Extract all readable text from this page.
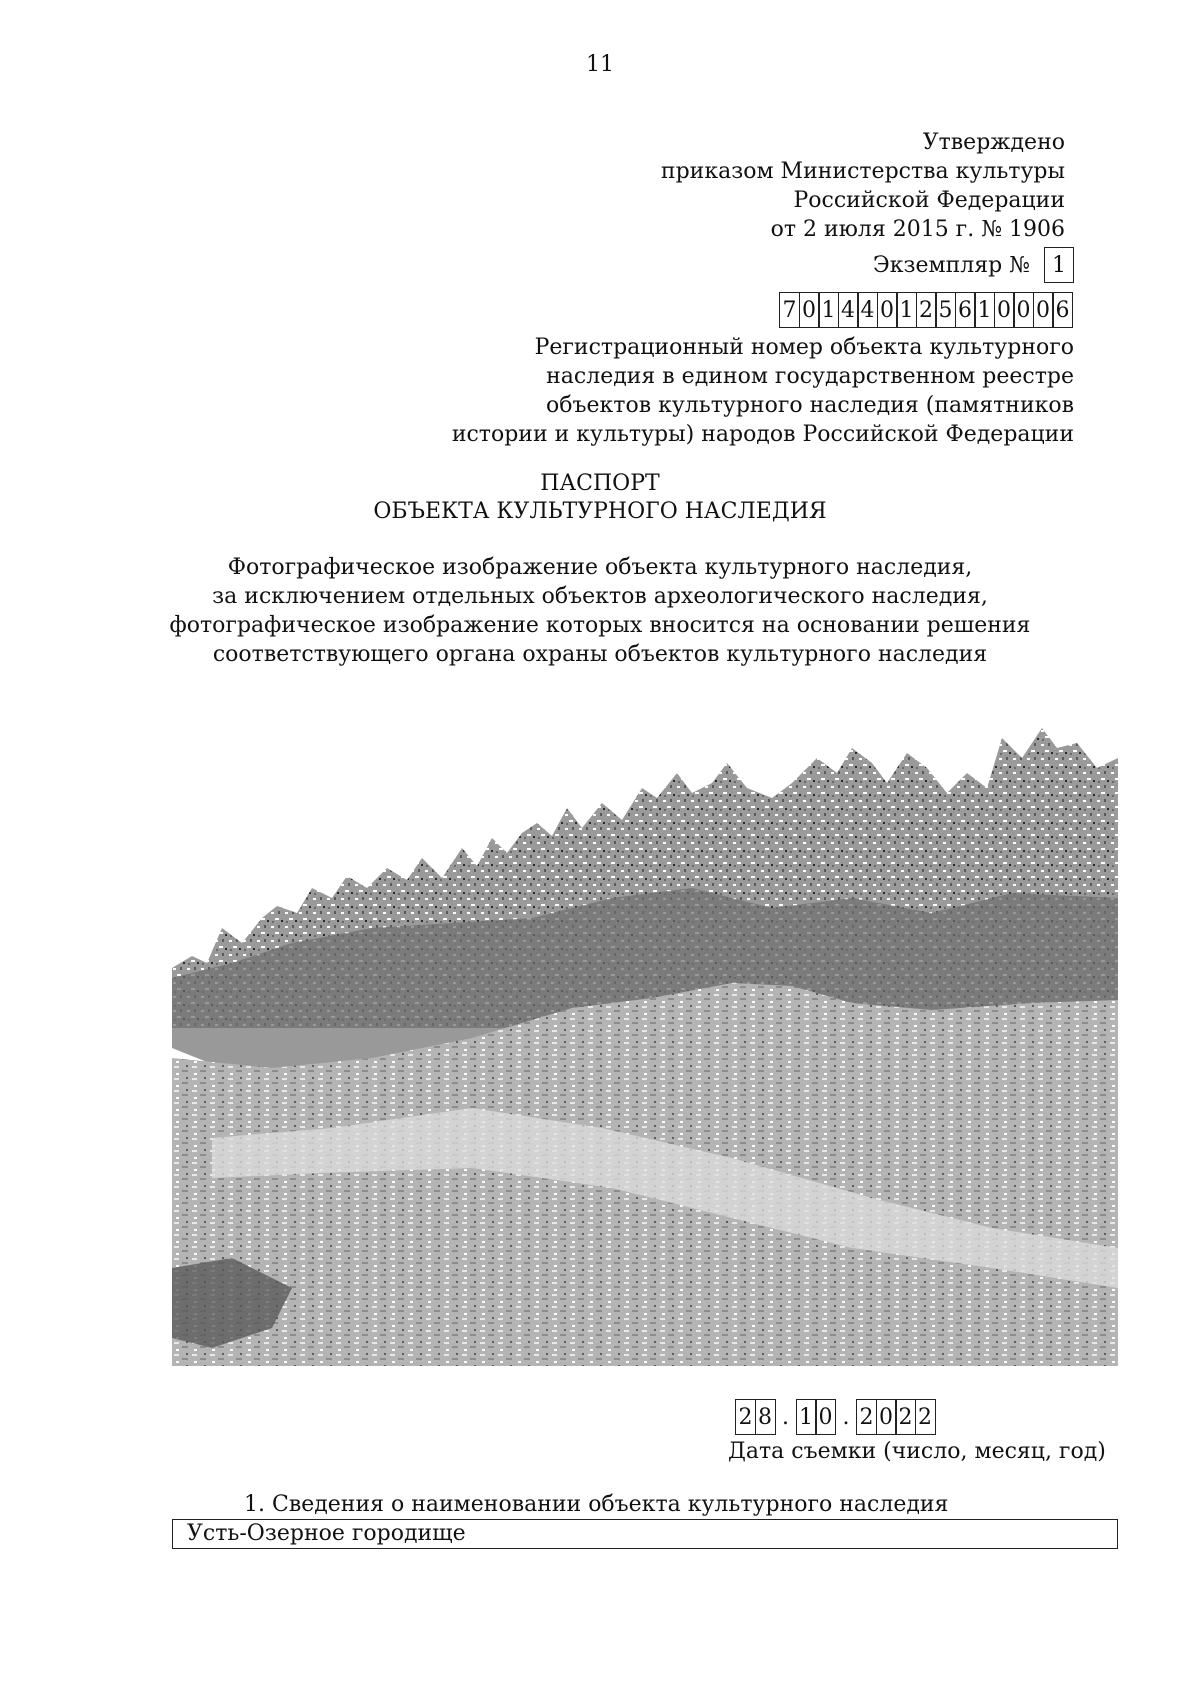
11
Утверждено
приказом Министерства культуры
Российской Федерации
от 2 июля 2015 г. № 1906
Экземпляр №	1
7 0 1 4 4 0 1 2 5 6 1 0 0 0 6
Регистрационный номер объекта культурного
наследия в едином государственном реестре
объектов культурного наследия (памятников
истории и культуры) народов Российской Федерации
ПАСПОРТ
ОБЪЕКТА КУЛЬТУРНОГО НАСЛЕДИЯ
Фотографическое изображение объекта культурного наследия,
за исключением отдельных объектов археологического наследия,
фотографическое изображение которых вносится на основании решения
соответствующего органа охраны объектов культурного наследия
2 8 . 1 0 . 2 0 2 2
Дата съемки (число, месяц, год)
1. Сведения о наименовании объекта культурного наследия
Усть-Озерное городище
